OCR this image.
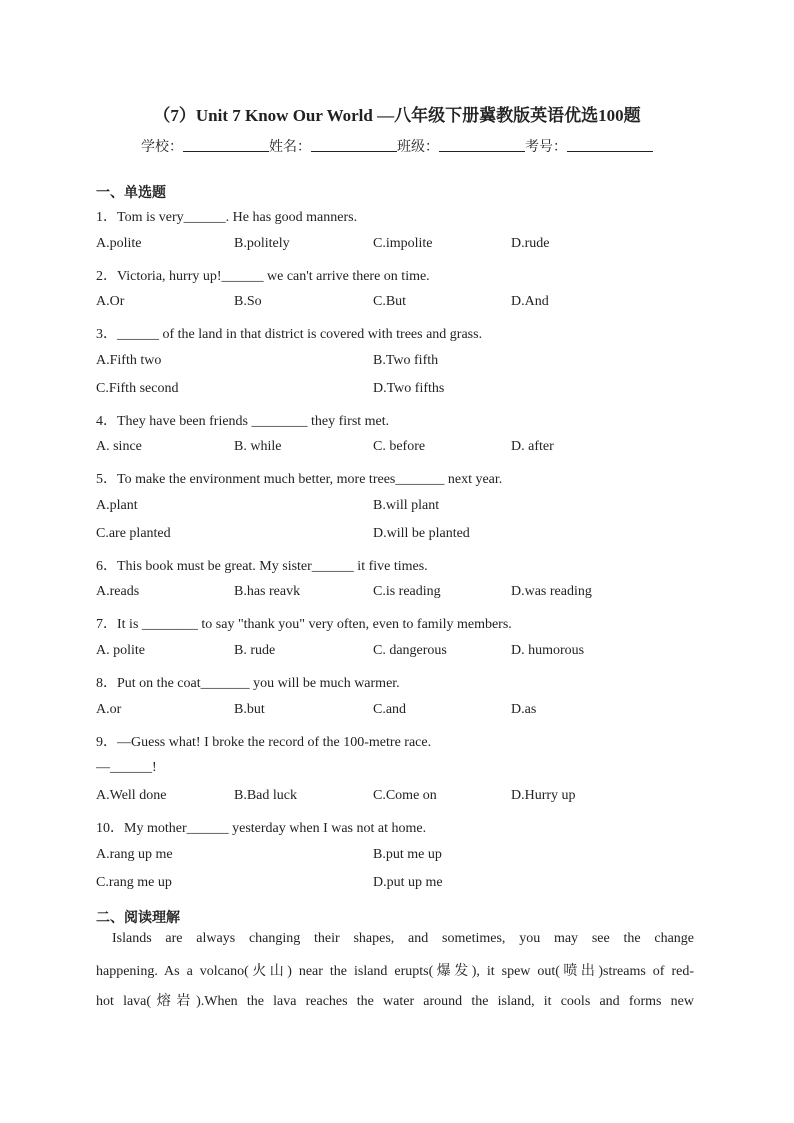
（7）Unit 7 Know Our World —八年级下册冀教版英语优选100题
学校：	姓名：	班级：	考号：
一、单选题
1．Tom is very______. He has good manners.
A.polite	B.politely	C.impolite	D.rude
2．Victoria, hurry up!______ we can't arrive there on time.
A.Or	B.So	C.But	D.And
3．______ of the land in that district is covered with trees and grass.
A.Fifth two	B.Two fifth
C.Fifth second	D.Two fifths
4．They have been friends ________ they first met.
A. since	B. while	C. before	D. after
5．To make the environment much better, more trees_______ next year.
A.plant	B.will plant
C.are planted	D.will be planted
6．This book must be great. My sister______ it five times.
A.reads	B.has reavk	C.is reading	D.was reading
7．It is ________ to say "thank you" very often, even to family members.
A. polite	B. rude	C. dangerous	D. humorous
8．Put on the coat_______ you will be much warmer.
A.or	B.but	C.and	D.as
9．—Guess what! I broke the record of the 100-metre race.
—______!
A.Well done	B.Bad luck	C.Come on	D.Hurry up
10．My mother______ yesterday when I was not at home.
A.rang up me	B.put me up
C.rang me up	D.put up me
二、阅读理解
Islands are always changing their shapes, and sometimes, you may see the change
happening. As a volcano(火山) near the island erupts(爆发), it spew out(喷出)streams of red-
hot lava(熔岩).When the lava reaches the water around the island, it cools and forms new
